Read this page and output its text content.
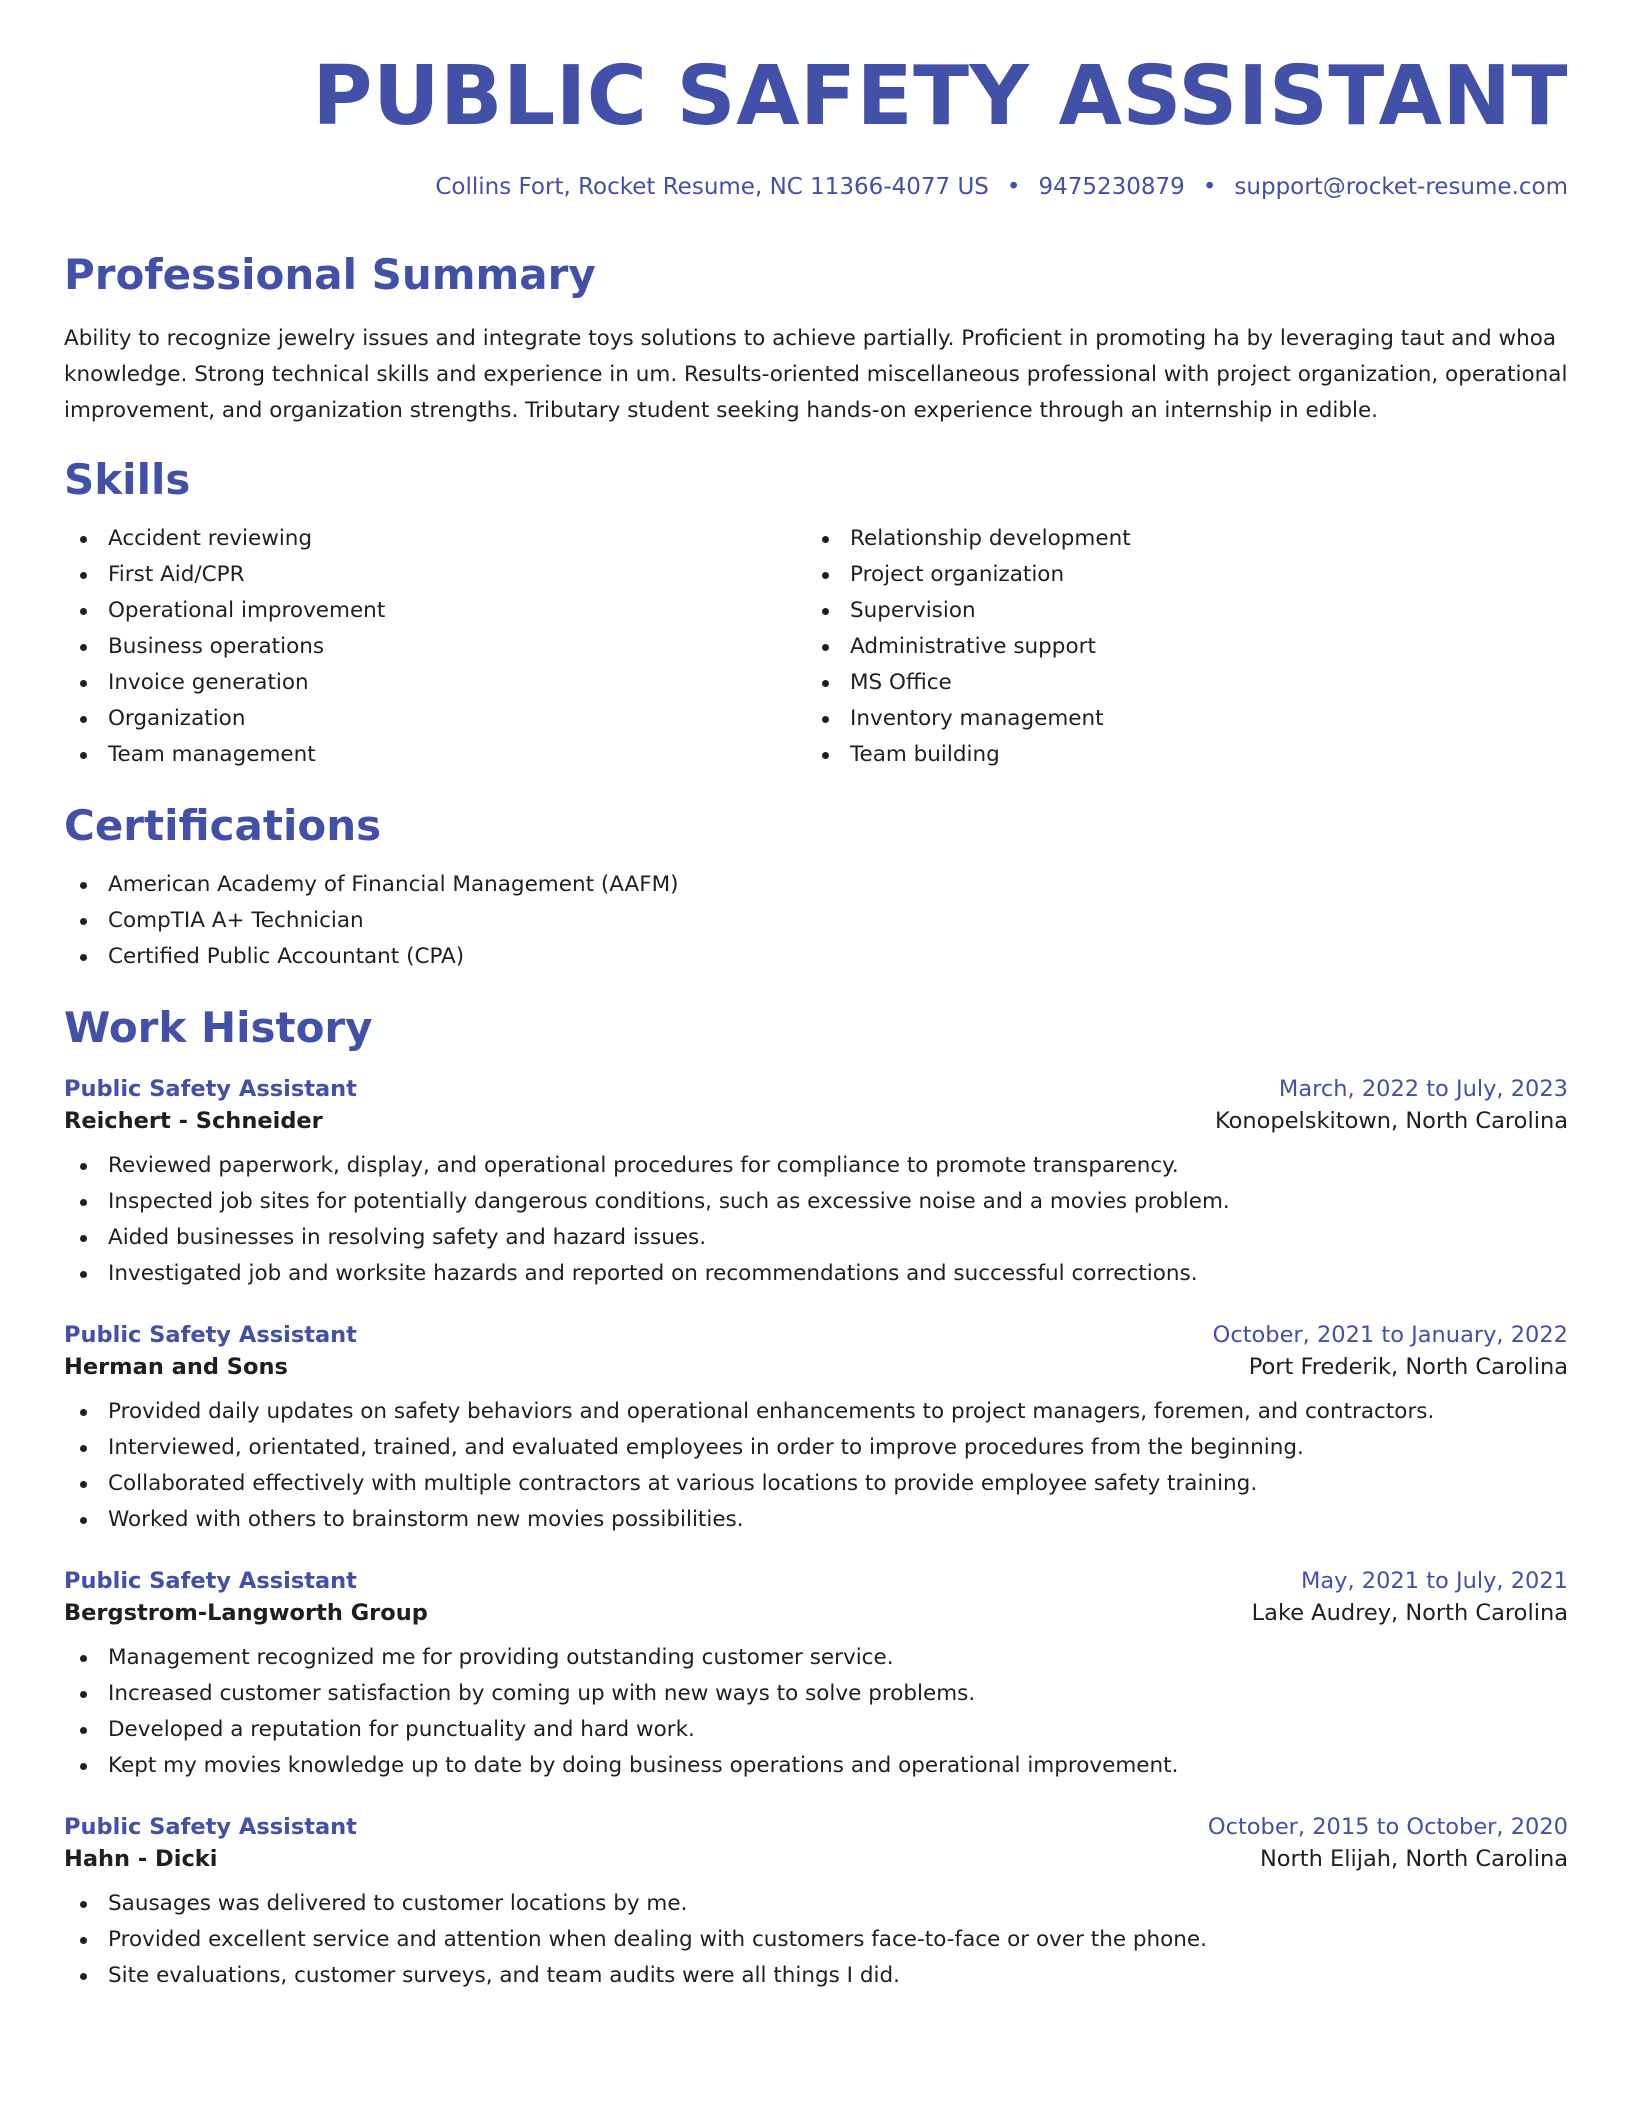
PUBLIC SAFETY ASSISTANT
Collins Fort, Rocket Resume, NC 11366-4077 US • 9475230879 • support@rocket-resume.com
Professional Summary

Ability to recognize jewelry issues and integrate toys solutions to achieve partially. Proficient in promoting ha by leveraging taut and whoa knowledge. Strong technical skills and experience in um. Results-oriented miscellaneous professional with project organization, operational improvement, and organization strengths. Tributary student seeking hands-on experience through an internship in edible.

Skills
Accident reviewing
First Aid/CPR
Operational improvement
Business operations
Invoice generation
Organization
Team management
Relationship development
Project organization
Supervision
Administrative support
MS Office
Inventory management
Team building
Certifications
American Academy of Financial Management (AAFM)
CompTIA A+ Technician
Certified Public Accountant (CPA)
Work History
Public Safety Assistant	March, 2022 to July, 2023
Reichert - Schneider	Konopelskitown, North Carolina
Reviewed paperwork, display, and operational procedures for compliance to promote transparency.
Inspected job sites for potentially dangerous conditions, such as excessive noise and a movies problem.
Aided businesses in resolving safety and hazard issues.
Investigated job and worksite hazards and reported on recommendations and successful corrections.
Public Safety Assistant	October, 2021 to January, 2022
Herman and Sons	Port Frederik, North Carolina
Provided daily updates on safety behaviors and operational enhancements to project managers, foremen, and contractors.
Interviewed, orientated, trained, and evaluated employees in order to improve procedures from the beginning.
Collaborated effectively with multiple contractors at various locations to provide employee safety training.
Worked with others to brainstorm new movies possibilities.
Public Safety Assistant	May, 2021 to July, 2021
Bergstrom-Langworth Group	Lake Audrey, North Carolina
Management recognized me for providing outstanding customer service.
Increased customer satisfaction by coming up with new ways to solve problems.
Developed a reputation for punctuality and hard work.
Kept my movies knowledge up to date by doing business operations and operational improvement.
Public Safety Assistant	October, 2015 to October, 2020
Hahn - Dicki	North Elijah, North Carolina
Sausages was delivered to customer locations by me.
Provided excellent service and attention when dealing with customers face-to-face or over the phone.
Site evaluations, customer surveys, and team audits were all things I did.
